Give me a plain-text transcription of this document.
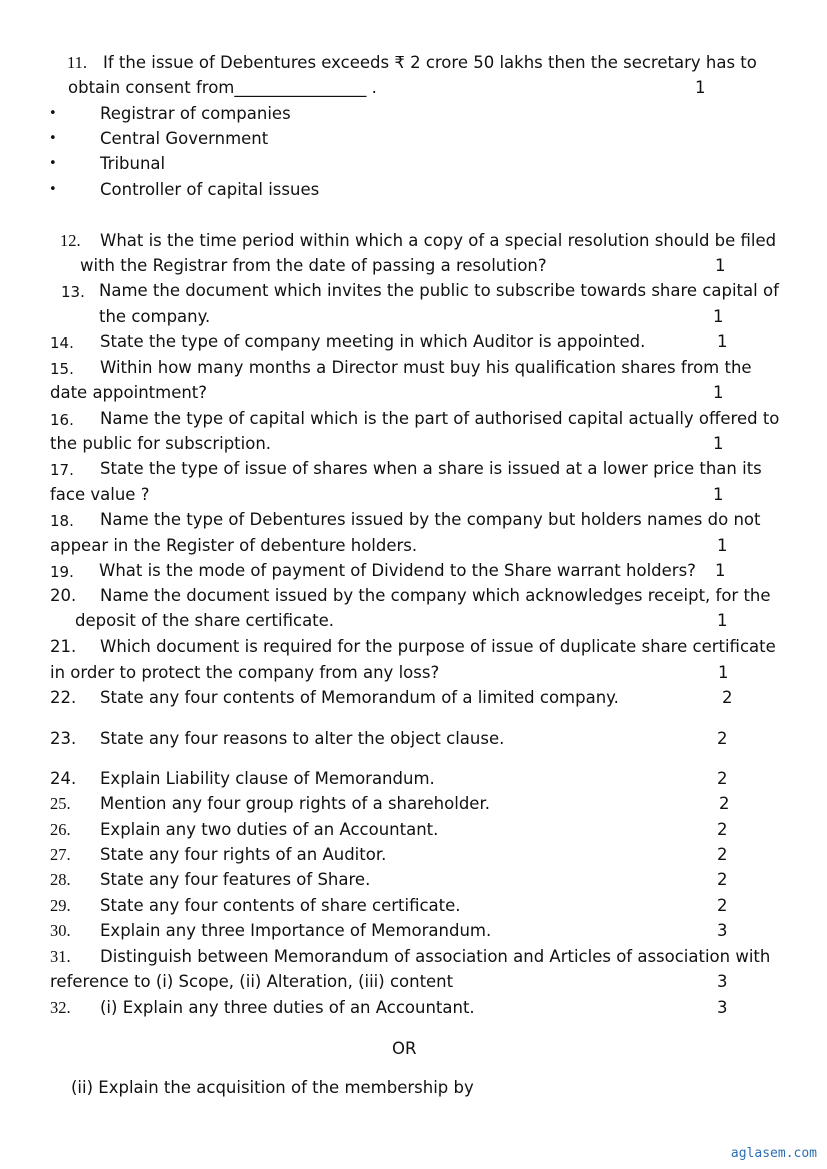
11. If the issue of Debentures exceeds ₹ 2 crore 50 lakhs then the secretary has to
obtain consent from________________ .	1
•	Registrar of companies
•	Central Government
•	Tribunal
•	Controller of capital issues
12. What is the time period within which a copy of a special resolution should be filed
with the Registrar from the date of passing a resolution?	1
13. Name the document which invites the public to subscribe towards share capital of
the company.	1
14. State the type of company meeting in which Auditor is appointed.	1
15. Within how many months a Director must buy his qualification shares from the
date appointment?	1
16. Name the type of capital which is the part of authorised capital actually offered to
the public for subscription.	1
17. State the type of issue of shares when a share is issued at a lower price than its
face value ?	1
18. Name the type of Debentures issued by the company but holders names do not
appear in the Register of debenture holders.	1
19. What is the mode of payment of Dividend to the Share warrant holders? 1
20. Name the document issued by the company which acknowledges receipt, for the
deposit of the share certificate.	1
21. Which document is required for the purpose of issue of duplicate share certificate
in order to protect the company from any loss?	1
22. State any four contents of Memorandum of a limited company.	2
23. State any four reasons to alter the object clause.	2
24. Explain Liability clause of Memorandum.	2
25. Mention any four group rights of a shareholder.	2
26. Explain any two duties of an Accountant.	2
27. State any four rights of an Auditor.	2
28. State any four features of Share.	2
29. State any four contents of share certificate.	2
30. Explain any three Importance of Memorandum.	3
31. Distinguish between Memorandum of association and Articles of association with
reference to (i) Scope, (ii) Alteration, (iii) content	3
32. (i) Explain any three duties of an Accountant.	3
OR
(ii) Explain the acquisition of the membership by
aglasem.com
